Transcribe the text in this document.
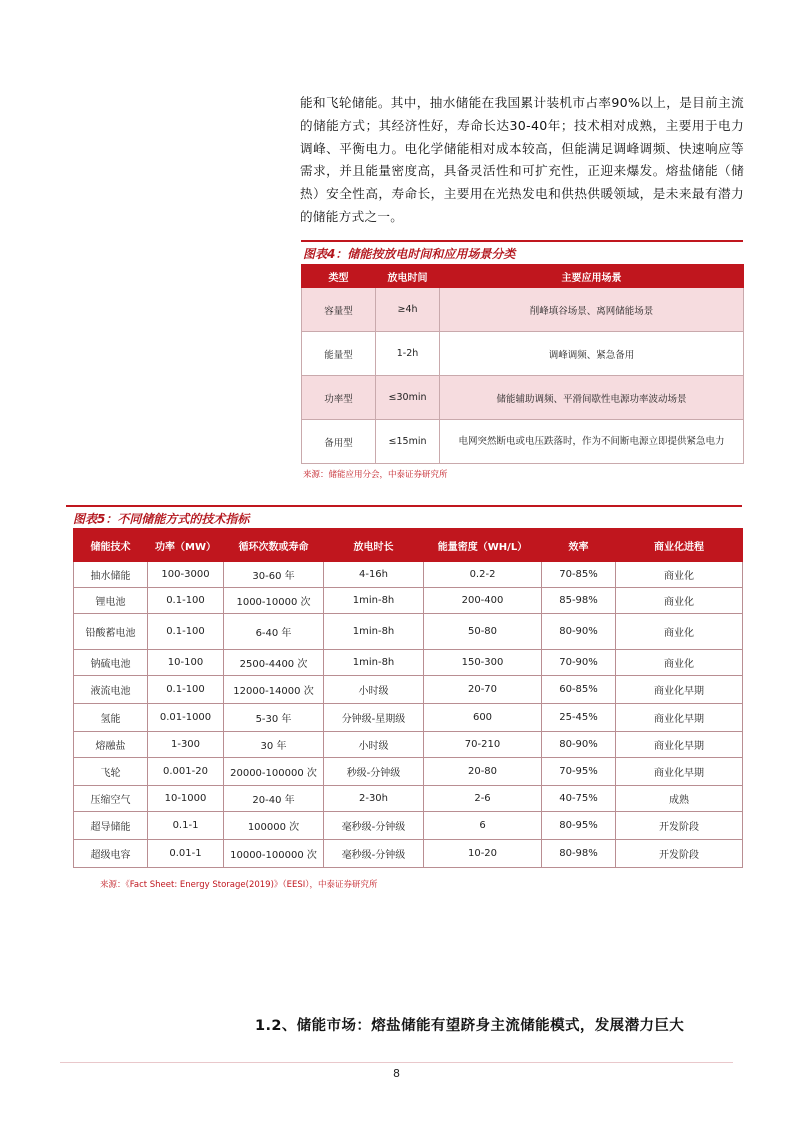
能和飞轮储能。其中，抽水储能在我国累计装机市占率90%以上，是目前主流的储能方式；其经济性好，寿命长达30-40年；技术相对成熟，主要用于电力调峰、平衡电力。电化学储能相对成本较高，但能满足调峰调频、快速响应等需求，并且能量密度高，具备灵活性和可扩充性，正迎来爆发。熔盐储能（储热）安全性高，寿命长，主要用在光热发电和供热供暖领域，是未来最有潜力的储能方式之一。

图表4：储能按放电时间和应用场景分类
类型	放电时间	主要应用场景
容量型	≥4h	削峰填谷场景、离网储能场景
能量型	1-2h	调峰调频、紧急备用
功率型	≤30min	储能辅助调频、平滑间歇性电源功率波动场景
备用型	≤15min	电网突然断电或电压跌落时，作为不间断电源立即提供紧急电力
来源：储能应用分会，中泰证券研究所
图表5：不同储能方式的技术指标
储能技术	功率（MW）	循环次数或寿命	放电时长	能量密度（WH/L）	效率	商业化进程
抽水储能	100-3000	30-60 年	4-16h	0.2-2	70-85%	商业化
锂电池	0.1-100	1000-10000 次	1min-8h	200-400	85-98%	商业化
铅酸蓄电池	0.1-100	6-40 年	1min-8h	50-80	80-90%	商业化
钠硫电池	10-100	2500-4400 次	1min-8h	150-300	70-90%	商业化
液流电池	0.1-100	12000-14000 次	小时级	20-70	60-85%	商业化早期
氢能	0.01-1000	5-30 年	分钟级-星期级	600	25-45%	商业化早期
熔融盐	1-300	30 年	小时级	70-210	80-90%	商业化早期
飞轮	0.001-20	20000-100000 次	秒级-分钟级	20-80	70-95%	商业化早期
压缩空气	10-1000	20-40 年	2-30h	2-6	40-75%	成熟
超导储能	0.1-1	100000 次	毫秒级-分钟级	6	80-95%	开发阶段
超级电容	0.01-1	10000-100000 次	毫秒级-分钟级	10-20	80-98%	开发阶段
来源：《Fact Sheet: Energy Storage(2019)》（EESI），中泰证券研究所
1.2、储能市场：熔盐储能有望跻身主流储能模式，发展潜力巨大
8
